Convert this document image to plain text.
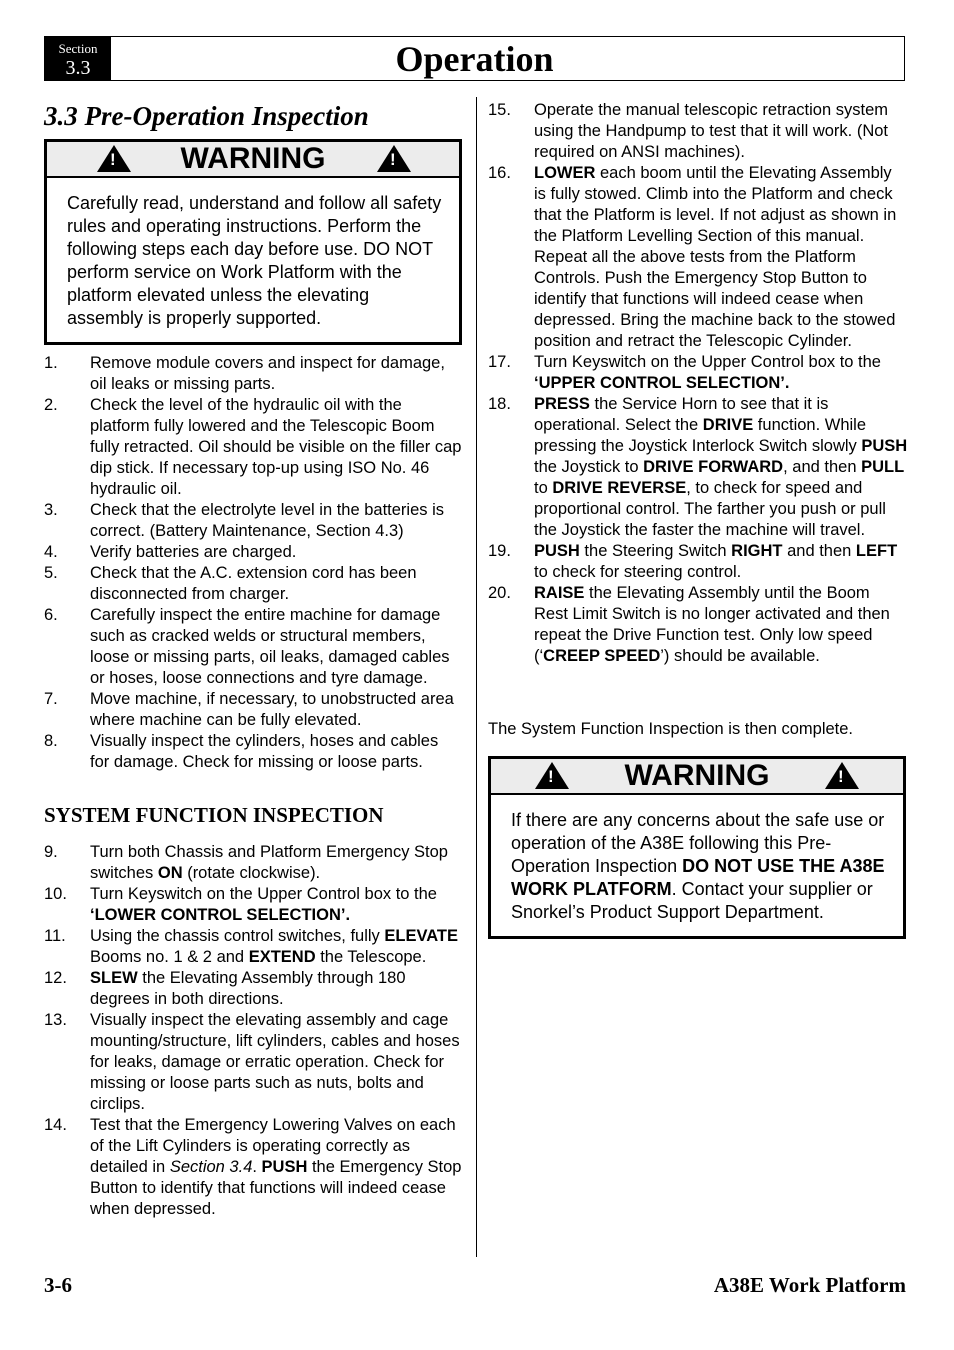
Section
3.3	Operation
3.3 Pre-Operation Inspection
!
WARNING
!
Carefully read, understand and follow all safety rules and operating instructions. Perform the following steps each day before use. DO NOT perform service on Work Platform with the platform elevated unless the elevating assembly is properly supported.
1. Remove module covers and inspect for damage, oil leaks or missing parts.
2. Check the level of the hydraulic oil with the platform fully lowered and the Telescopic Boom fully retracted. Oil should be visible on the filler cap dip stick. If necessary top-up using ISO No. 46 hydraulic oil.
3. Check that the electrolyte level in the batteries is correct. (Battery Maintenance, Section 4.3)
4. Verify batteries are charged.
5. Check that the A.C. extension cord has been disconnected from charger.
6. Carefully inspect the entire machine for damage such as cracked welds or structural members, loose or missing parts, oil leaks, damaged cables or hoses, loose connections and tyre damage.
7. Move machine, if necessary, to unobstructed area where machine can be fully elevated.
8. Visually inspect the cylinders, hoses and cables for damage. Check for missing or loose parts.
SYSTEM FUNCTION INSPECTION
9. Turn both Chassis and Platform Emergency Stop switches ON (rotate clockwise).
10. Turn Keyswitch on the Upper Control box to the ‘LOWER CONTROL SELECTION’.
11. Using the chassis control switches, fully ELEVATE Booms no. 1 & 2 and EXTEND the Telescope.
12. SLEW the Elevating Assembly through 180 degrees in both directions.
13. Visually inspect the elevating assembly and cage mounting/structure, lift cylinders, cables and hoses for leaks, damage or erratic operation. Check for missing or loose parts such as nuts, bolts and circlips.
14. Test that the Emergency Lowering Valves on each of the Lift Cylinders is operating correctly as detailed in Section 3.4. PUSH the Emergency Stop Button to identify that functions will indeed cease when depressed.
15. Operate the manual telescopic retraction system using the Handpump to test that it will work. (Not required on ANSI machines).
16. LOWER each boom until the Elevating Assembly is fully stowed. Climb into the Platform and check that the Platform is level. If not adjust as shown in the Platform Levelling Section of this manual. Repeat all the above tests from the Platform Controls. Push the Emergency Stop Button to identify that functions will indeed cease when depressed. Bring the machine back to the stowed position and retract the Telescopic Cylinder.
17. Turn Keyswitch on the Upper Control box to the ‘UPPER CONTROL SELECTION’.
18. PRESS the Service Horn to see that it is operational. Select the DRIVE function. While pressing the Joystick Interlock Switch slowly PUSH the Joystick to DRIVE FORWARD, and then PULL to DRIVE REVERSE, to check for speed and proportional control. The farther you push or pull the Joystick the faster the machine will travel.
19. PUSH the Steering Switch RIGHT and then LEFT to check for steering control.
20. RAISE the Elevating Assembly until the Boom Rest Limit Switch is no longer activated and then repeat the Drive Function test. Only low speed (‘CREEP SPEED’) should be available.
The System Function Inspection is then complete.
!
WARNING
!
If there are any concerns about the safe use or operation of the A38E following this Pre-Operation Inspection DO NOT USE THE A38E WORK PLATFORM. Contact your supplier or Snorkel’s Product Support Department.
3-6	A38E Work Platform
